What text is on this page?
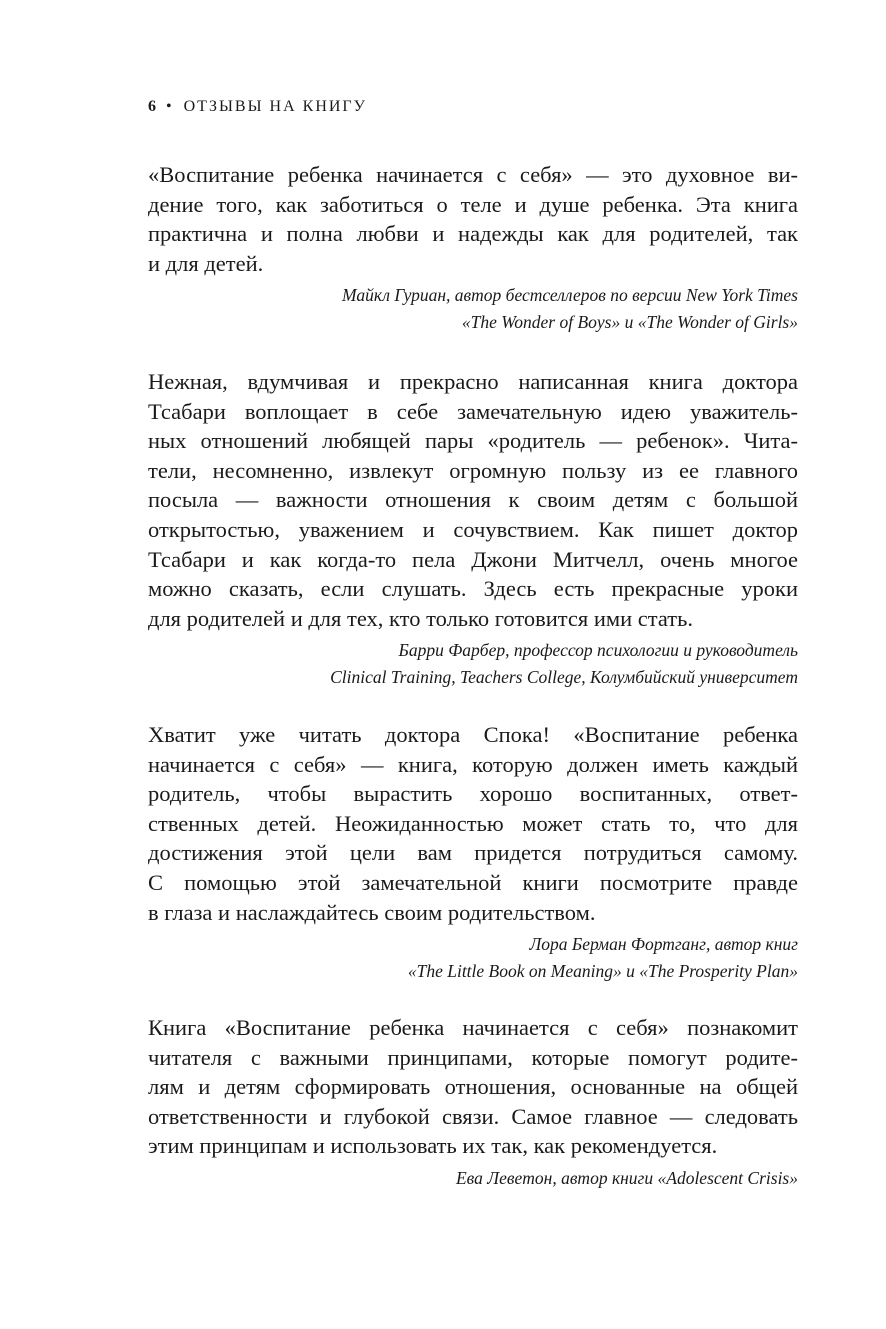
6 • ОТЗЫВЫ НА КНИГУ

«Воспитание ребенка начинается с себя» — это духовное ви-
дение того, как заботиться о теле и душе ребенка. Эта книга
практична и полна любви и надежды как для родителей, так
и для детей.

Майкл Гуриан, автор бестселлеров по версии New York Times
«The Wonder of Boys» и «The Wonder of Girls»

Нежная, вдумчивая и прекрасно написанная книга доктора
Тсабари воплощает в себе замечательную идею уважитель-
ных отношений любящей пары «родитель — ребенок». Чита-
тели, несомненно, извлекут огромную пользу из ее главного
посыла — важности отношения к своим детям с большой
открытостью, уважением и сочувствием. Как пишет доктор
Тсабари и как когда-то пела Джони Митчелл, очень многое
можно сказать, если слушать. Здесь есть прекрасные уроки
для родителей и для тех, кто только готовится ими стать.

Барри Фарбер, профессор психологии и руководитель
Clinical Training, Teachers College, Колумбийский университет

Хватит уже читать доктора Спока! «Воспитание ребенка
начинается с себя» — книга, которую должен иметь каждый
родитель, чтобы вырастить хорошо воспитанных, ответ-
ственных детей. Неожиданностью может стать то, что для
достижения этой цели вам придется потрудиться самому.
С помощью этой замечательной книги посмотрите правде
в глаза и наслаждайтесь своим родительством.

Лора Берман Фортганг, автор книг
«The Little Book on Meaning» и «The Prosperity Plan»

Книга «Воспитание ребенка начинается с себя» познакомит
читателя с важными принципами, которые помогут родите-
лям и детям сформировать отношения, основанные на общей
ответственности и глубокой связи. Самое главное — следовать
этим принципам и использовать их так, как рекомендуется.

Ева Левeтон, автор книги «Adolescent Crisis»
